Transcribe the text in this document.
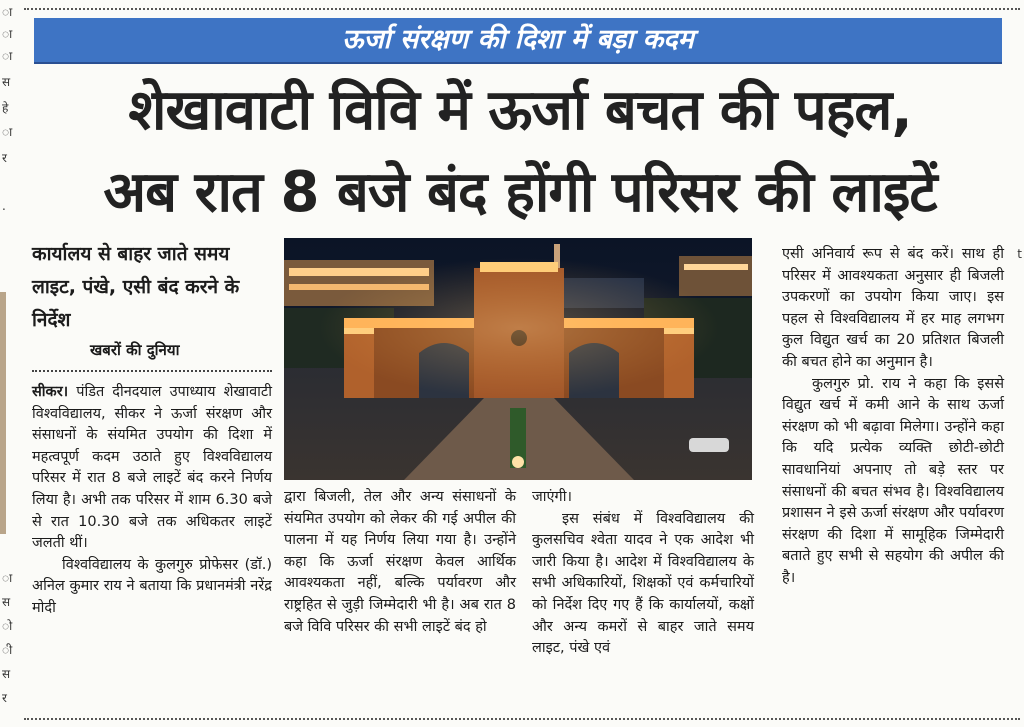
ा
ा
ा
स
हे
ा
र
.
ा
स
ो
ी
स
र
t
ऊर्जा संरक्षण की दिशा में बड़ा कदम
शेखावाटी विवि में ऊर्जा बचत की पहल,
अब रात 8 बजे बंद होंगी परिसर की लाइटें
कार्यालय से बाहर जाते समय लाइट, पंखे, एसी बंद करने के निर्देश
खबरों की दुनिया

सीकर। पंडित दीनदयाल उपाध्याय शेखावाटी विश्वविद्यालय, सीकर ने ऊर्जा संरक्षण और संसाधनों के संयमित उपयोग की दिशा में महत्वपूर्ण कदम उठाते हुए विश्वविद्यालय परिसर में रात 8 बजे लाइटें बंद करने निर्णय लिया है। अभी तक परिसर में शाम 6.30 बजे से रात 10.30 बजे तक अधिकतर लाइटें जलती थीं।

विश्वविद्यालय के कुलगुरु प्रोफेसर (डॉ.) अनिल कुमार राय ने बताया कि प्रधानमंत्री नरेंद्र मोदी

द्वारा बिजली, तेल और अन्य संसाधनों के संयमित उपयोग को लेकर की गई अपील की पालना में यह निर्णय लिया गया है। उन्होंने कहा कि ऊर्जा संरक्षण केवल आर्थिक आवश्यकता नहीं, बल्कि पर्यावरण और राष्ट्रहित से जुड़ी जिम्मेदारी भी है। अब रात 8 बजे विवि परिसर की सभी लाइटें बंद हो

जाएंगी।

इस संबंध में विश्वविद्यालय की कुलसचिव श्वेता यादव ने एक आदेश भी जारी किया है। आदेश में विश्वविद्यालय के सभी अधिकारियों, शिक्षकों एवं कर्मचारियों को निर्देश दिए गए हैं कि कार्यालयों, कक्षों और अन्य कमरों से बाहर जाते समय लाइट, पंखे एवं

एसी अनिवार्य रूप से बंद करें। साथ ही परिसर में आवश्यकता अनुसार ही बिजली उपकरणों का उपयोग किया जाए। इस पहल से विश्वविद्यालय में हर माह लगभग कुल विद्युत खर्च का 20 प्रतिशत बिजली की बचत होने का अनुमान है।

कुलगुरु प्रो. राय ने कहा कि इससे विद्युत खर्च में कमी आने के साथ ऊर्जा संरक्षण को भी बढ़ावा मिलेगा। उन्होंने कहा कि यदि प्रत्येक व्यक्ति छोटी-छोटी सावधानियां अपनाए तो बड़े स्तर पर संसाधनों की बचत संभव है। विश्वविद्यालय प्रशासन ने इसे ऊर्जा संरक्षण और पर्यावरण संरक्षण की दिशा में सामूहिक जिम्मेदारी बताते हुए सभी से सहयोग की अपील की है।
